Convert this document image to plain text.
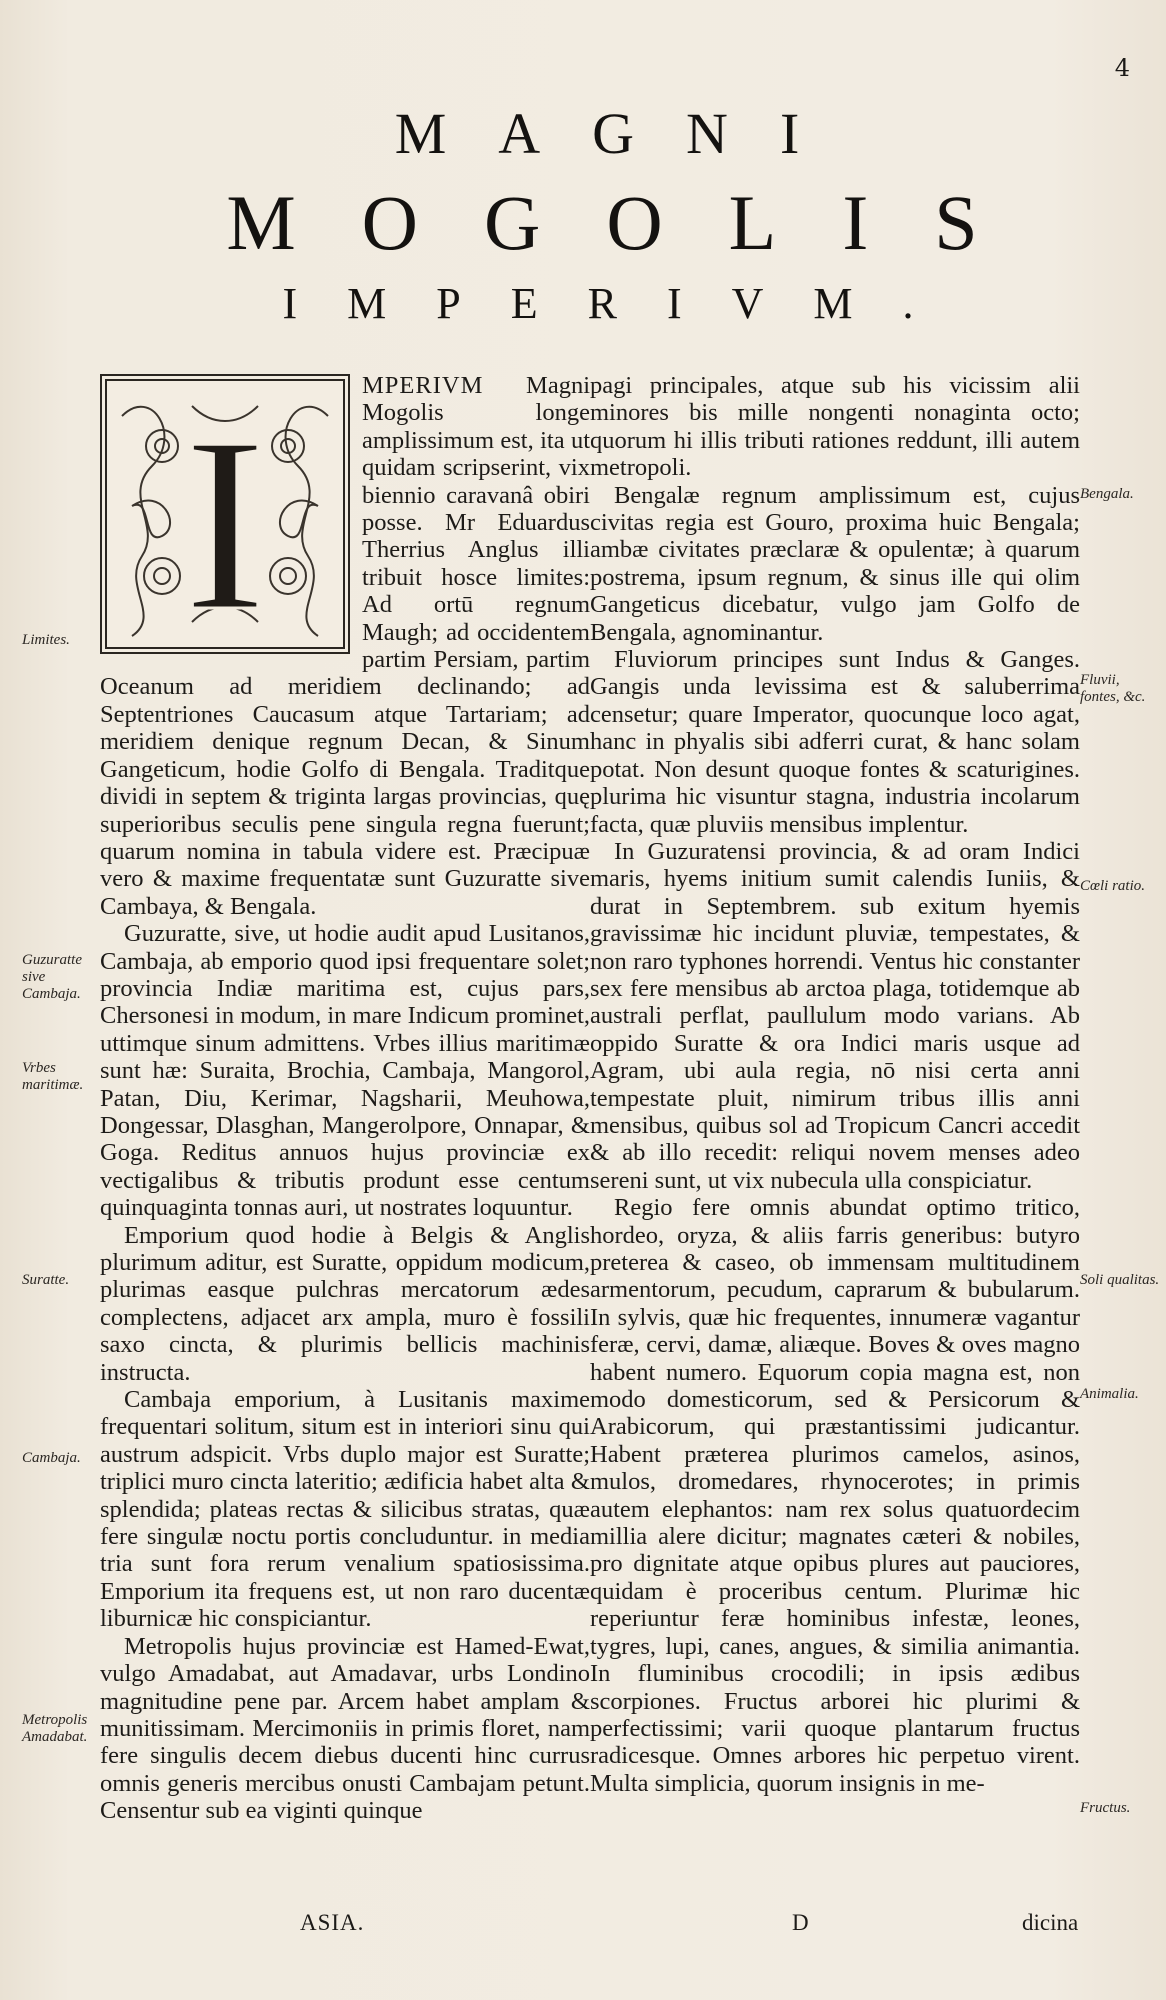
4
MAGNI
MOGOLIS
IMPERIVM.
I

MPERIVM Magni Mogolis longe amplissimum est, ita ut quidam scripserint, vix biennio caravanâ obiri posse. Mr Eduardus Therrius Anglus illi tribuit hosce limites: Ad ortū regnum Maugh; ad occidentem partim Persiam, partim Oceanum ad meridiem declinando; ad Septentriones Caucasum atque Tartariam; ad meridiem denique regnum Decan, & Sinum Gangeticum, hodie Golfo di Bengala. Traditque dividi in septem & triginta largas provincias, quę superioribus seculis pene singula regna fuerunt; quarum nomina in tabula videre est. Præcipuæ vero & maxime frequentatæ sunt Guzuratte sive Cambaya, & Bengala.

Guzuratte, sive, ut hodie audit apud Lusitanos, Cambaja, ab emporio quod ipsi frequentare solet; provincia Indiæ maritima est, cujus pars, Chersonesi in modum, in mare Indicum prominet, uttimque sinum admittens. Vrbes illius maritimæ sunt hæ: Suraita, Brochia, Cambaja, Mangorol, Patan, Diu, Kerimar, Nagsharii, Meuhowa, Dongessar, Dlasghan, Mangerolpore, Onnapar, & Goga. Reditus annuos hujus provinciæ ex vectigalibus & tributis produnt esse centum quinquaginta tonnas auri, ut nostrates loquuntur.

Emporium quod hodie à Belgis & Anglis plurimum aditur, est Suratte, oppidum modicum, plurimas easque pulchras mercatorum ædes complectens, adjacet arx ampla, muro è fossili saxo cincta, & plurimis bellicis machinis instructa.

Cambaja emporium, à Lusitanis maxime frequentari solitum, situm est in interiori sinu qui austrum adspicit. Vrbs duplo major est Suratte; triplici muro cincta lateritio; ædificia habet alta & splendida; plateas rectas & silicibus stratas, quæ fere singulæ noctu portis concluduntur. in media tria sunt fora rerum venalium spatiosissima. Emporium ita frequens est, ut non raro ducentæ liburnicæ hic conspiciantur.

Metropolis hujus provinciæ est Hamed-Ewat, vulgo Amadabat, aut Amadavar, urbs Londino magnitudine pene par. Arcem habet amplam & munitissimam. Mercimoniis in primis floret, nam fere singulis decem diebus ducenti hinc currus omnis generis mercibus onusti Cambajam petunt. Censentur sub ea viginti quinque

pagi principales, atque sub his vicissim alii minores bis mille nongenti nonaginta octo; quorum hi illis tributi rationes reddunt, illi autem metropoli.

Bengalæ regnum amplissimum est, cujus civitas regia est Gouro, proxima huic Bengala; ambæ civitates præclaræ & opulentæ; à quarum postrema, ipsum regnum, & sinus ille qui olim Gangeticus dicebatur, vulgo jam Golfo de Bengala, agnominantur.

Fluviorum principes sunt Indus & Ganges. Gangis unda levissima est & saluberrima censetur; quare Imperator, quocunque loco agat, hanc in phyalis sibi adferri curat, & hanc solam potat. Non desunt quoque fontes & scaturigines. plurima hic visuntur stagna, industria incolarum facta, quæ pluviis mensibus implentur.

In Guzuratensi provincia, & ad oram Indici maris, hyems initium sumit calendis Iuniis, & durat in Septembrem. sub exitum hyemis gravissimæ hic incidunt pluviæ, tempestates, & non raro typhones horrendi. Ventus hic constanter sex fere mensibus ab arctoa plaga, totidemque ab australi perflat, paullulum modo varians. Ab oppido Suratte & ora Indici maris usque ad Agram, ubi aula regia, nō nisi certa anni tempestate pluit, nimirum tribus illis anni mensibus, quibus sol ad Tropicum Cancri accedit & ab illo recedit: reliqui novem menses adeo sereni sunt, ut vix nubecula ulla conspiciatur.

Regio fere omnis abundat optimo tritico, hordeo, oryza, & aliis farris generibus: butyro preterea & caseo, ob immensam multitudinem armentorum, pecudum, caprarum & bubularum. In sylvis, quæ hic frequentes, innumeræ vagantur feræ, cervi, damæ, aliæque. Boves & oves magno habent numero. Equorum copia magna est, non modo domesticorum, sed & Persicorum & Arabicorum, qui præstantissimi judicantur. Habent præterea plurimos camelos, asinos, mulos, dromedares, rhynocerotes; in primis autem elephantos: nam rex solus quatuordecim millia alere dicitur; magnates cæteri & nobiles, pro dignitate atque opibus plures aut pauciores, quidam è proceribus centum. Plurimæ hic reperiuntur feræ hominibus infestæ, leones, tygres, lupi, canes, angues, & similia animantia. In fluminibus crocodili; in ipsis ædibus scorpiones. Fructus arborei hic plurimi & perfectissimi; varii quoque plantarum fructus radicesque. Omnes arbores hic perpetuo virent. Multa simplicia, quorum insignis in me-

Limites.
Guzuratte sive Cambaja.
Vrbes maritimæ.
Suratte.
Cambaja.
Metropolis Amadabat.
Bengala.
Fluvii, fontes, &c.
Cœli ratio.
Soli qualitas.
Animalia.
Fructus.
ASIA.	D	dicina
